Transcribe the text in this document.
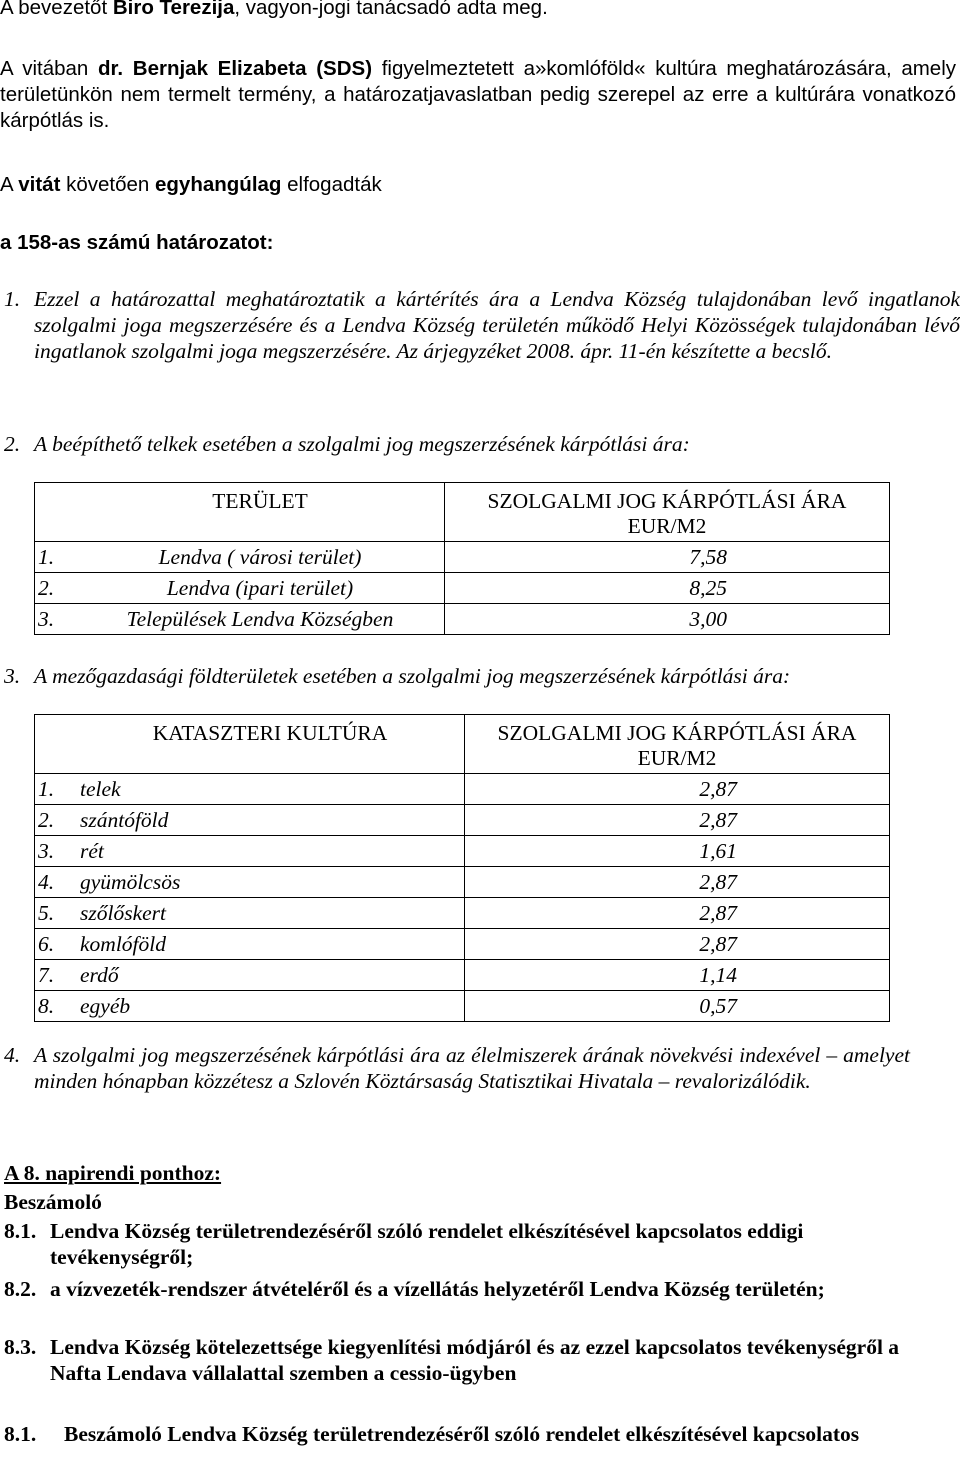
A bevezetőt Biro Terezija, vagyon-jogi tanácsadó adta meg.

A vitában dr. Bernjak Elizabeta (SDS) figyelmeztetett a»komlóföld« kultúra meghatározására, amely területünkön nem termelt termény, a határozatjavaslatban pedig szerepel az erre a kultúrára vonatkozó kárpótlás is.

A vitát követően egyhangúlag elfogadták

a 158-as számú határozatot:

1. Ezzel a határozattal meghatároztatik a kártérítés ára a Lendva Község tulajdonában levő ingatlanok szolgalmi joga megszerzésére és a Lendva Község területén működő Helyi Közösségek tulajdonában lévő ingatlanok szolgalmi joga megszerzésére. Az árjegyzéket 2008. ápr. 11-én készítette a becslő.
2. A beépíthető telkek esetében a szolgalmi jog megszerzésének kárpótlási ára:
	TERÜLET	SZOLGALMI JOG KÁRPÓTLÁSI ÁRA
EUR/M2

1.	Lendva ( városi terület)	7,58
2.	Lendva (ipari terület)	8,25
3.	Települések Lendva Községben	3,00
3. A mezőgazdasági földterületek esetében a szolgalmi jog megszerzésének kárpótlási ára:
	KATASZTERI KULTÚRA	SZOLGALMI JOG KÁRPÓTLÁSI ÁRA
EUR/M2

1.	telek	2,87
2.	szántóföld	2,87
3.	rét	1,61
4.	gyümölcsös	2,87
5.	szőlőskert	2,87
6.	komlóföld	2,87
7.	erdő	1,14
8.	egyéb	0,57
4. A szolgalmi jog megszerzésének kárpótlási ára az élelmiszerek árának növekvési indexével – amelyet minden hónapban közzétesz a Szlovén Köztársaság Statisztikai Hivatala – revalorizálódik.

A 8. napirendi ponthoz:

Beszámoló

8.1. Lendva Község területrendezéséről szóló rendelet elkészítésével kapcsolatos eddigi tevékenységről;
8.2. a vízvezeték-rendszer átvételéről és a vízellátás helyzetéről Lendva Község területén;
8.3. Lendva Község kötelezettsége kiegyenlítési módjáról és az ezzel kapcsolatos tevékenységről a Nafta Lendava vállalattal szemben a cessio-ügyben
8.1.	Beszámoló Lendva Község területrendezéséről szóló rendelet elkészítésével kapcsolatos
